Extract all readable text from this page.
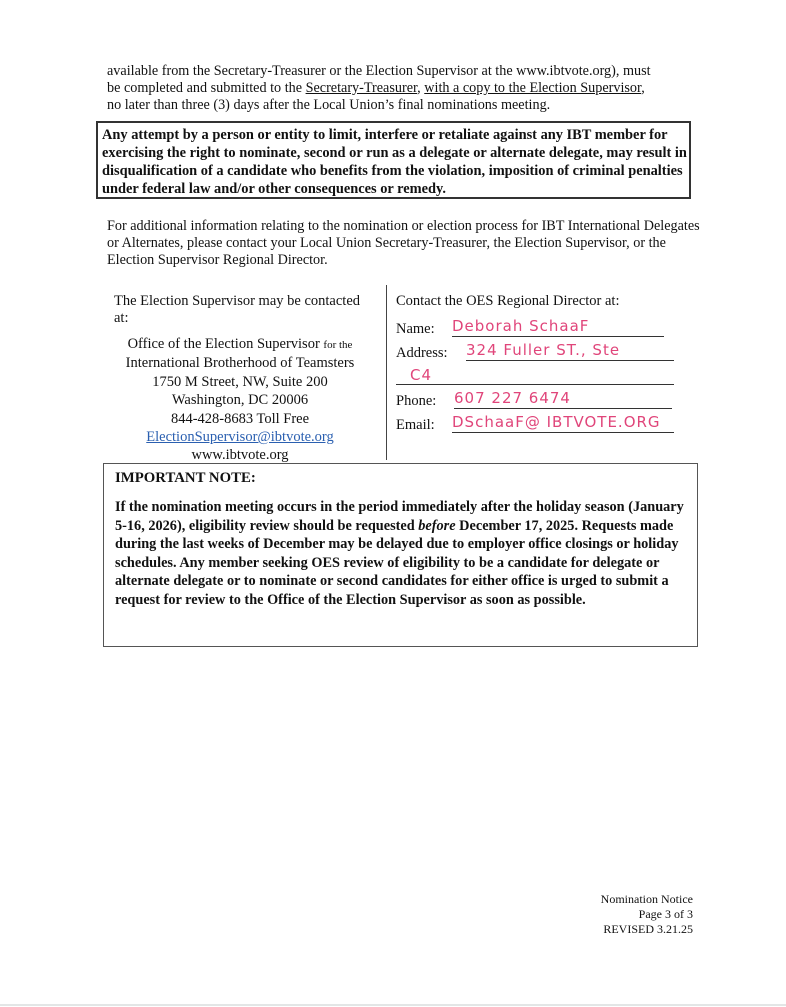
available from the Secretary-Treasurer or the Election Supervisor at the www.ibtvote.org), must
be completed and submitted to the Secretary-Treasurer, with a copy to the Election Supervisor,
no later than three (3) days after the Local Union’s final nominations meeting.
Any attempt by a person or entity to limit, interfere or retaliate against any IBT member for exercising the right to nominate, second or run as a delegate or alternate delegate, may result in disqualification of a candidate who benefits from the violation, imposition of criminal penalties under federal law and/or other consequences or remedy.
For additional information relating to the nomination or election process for IBT International Delegates or Alternates, please contact your Local Union Secretary-Treasurer, the Election Supervisor, or the Election Supervisor Regional Director.
The Election Supervisor may be contacted at:
Office of the Election Supervisor for the
International Brotherhood of Teamsters
1750 M Street, NW, Suite 200
Washington, DC 20006
844-428-8683 Toll Free
ElectionSupervisor@ibtvote.org
www.ibtvote.org
Contact the OES Regional Director at:
Name: Deborah SchaaF
Address: 324 Fuller ST., Ste
C4
Phone: 607 227 6474
Email: DSchaaF@ IBTVOTE.ORG
IMPORTANT NOTE:
If the nomination meeting occurs in the period immediately after the holiday season (January 5-16, 2026), eligibility review should be requested before December 17, 2025. Requests made during the last weeks of December may be delayed due to employer office closings or holiday schedules. Any member seeking OES review of eligibility to be a candidate for delegate or alternate delegate or to nominate or second candidates for either office is urged to submit a request for review to the Office of the Election Supervisor as soon as possible.
Nomination Notice
Page 3 of 3
REVISED 3.21.25
